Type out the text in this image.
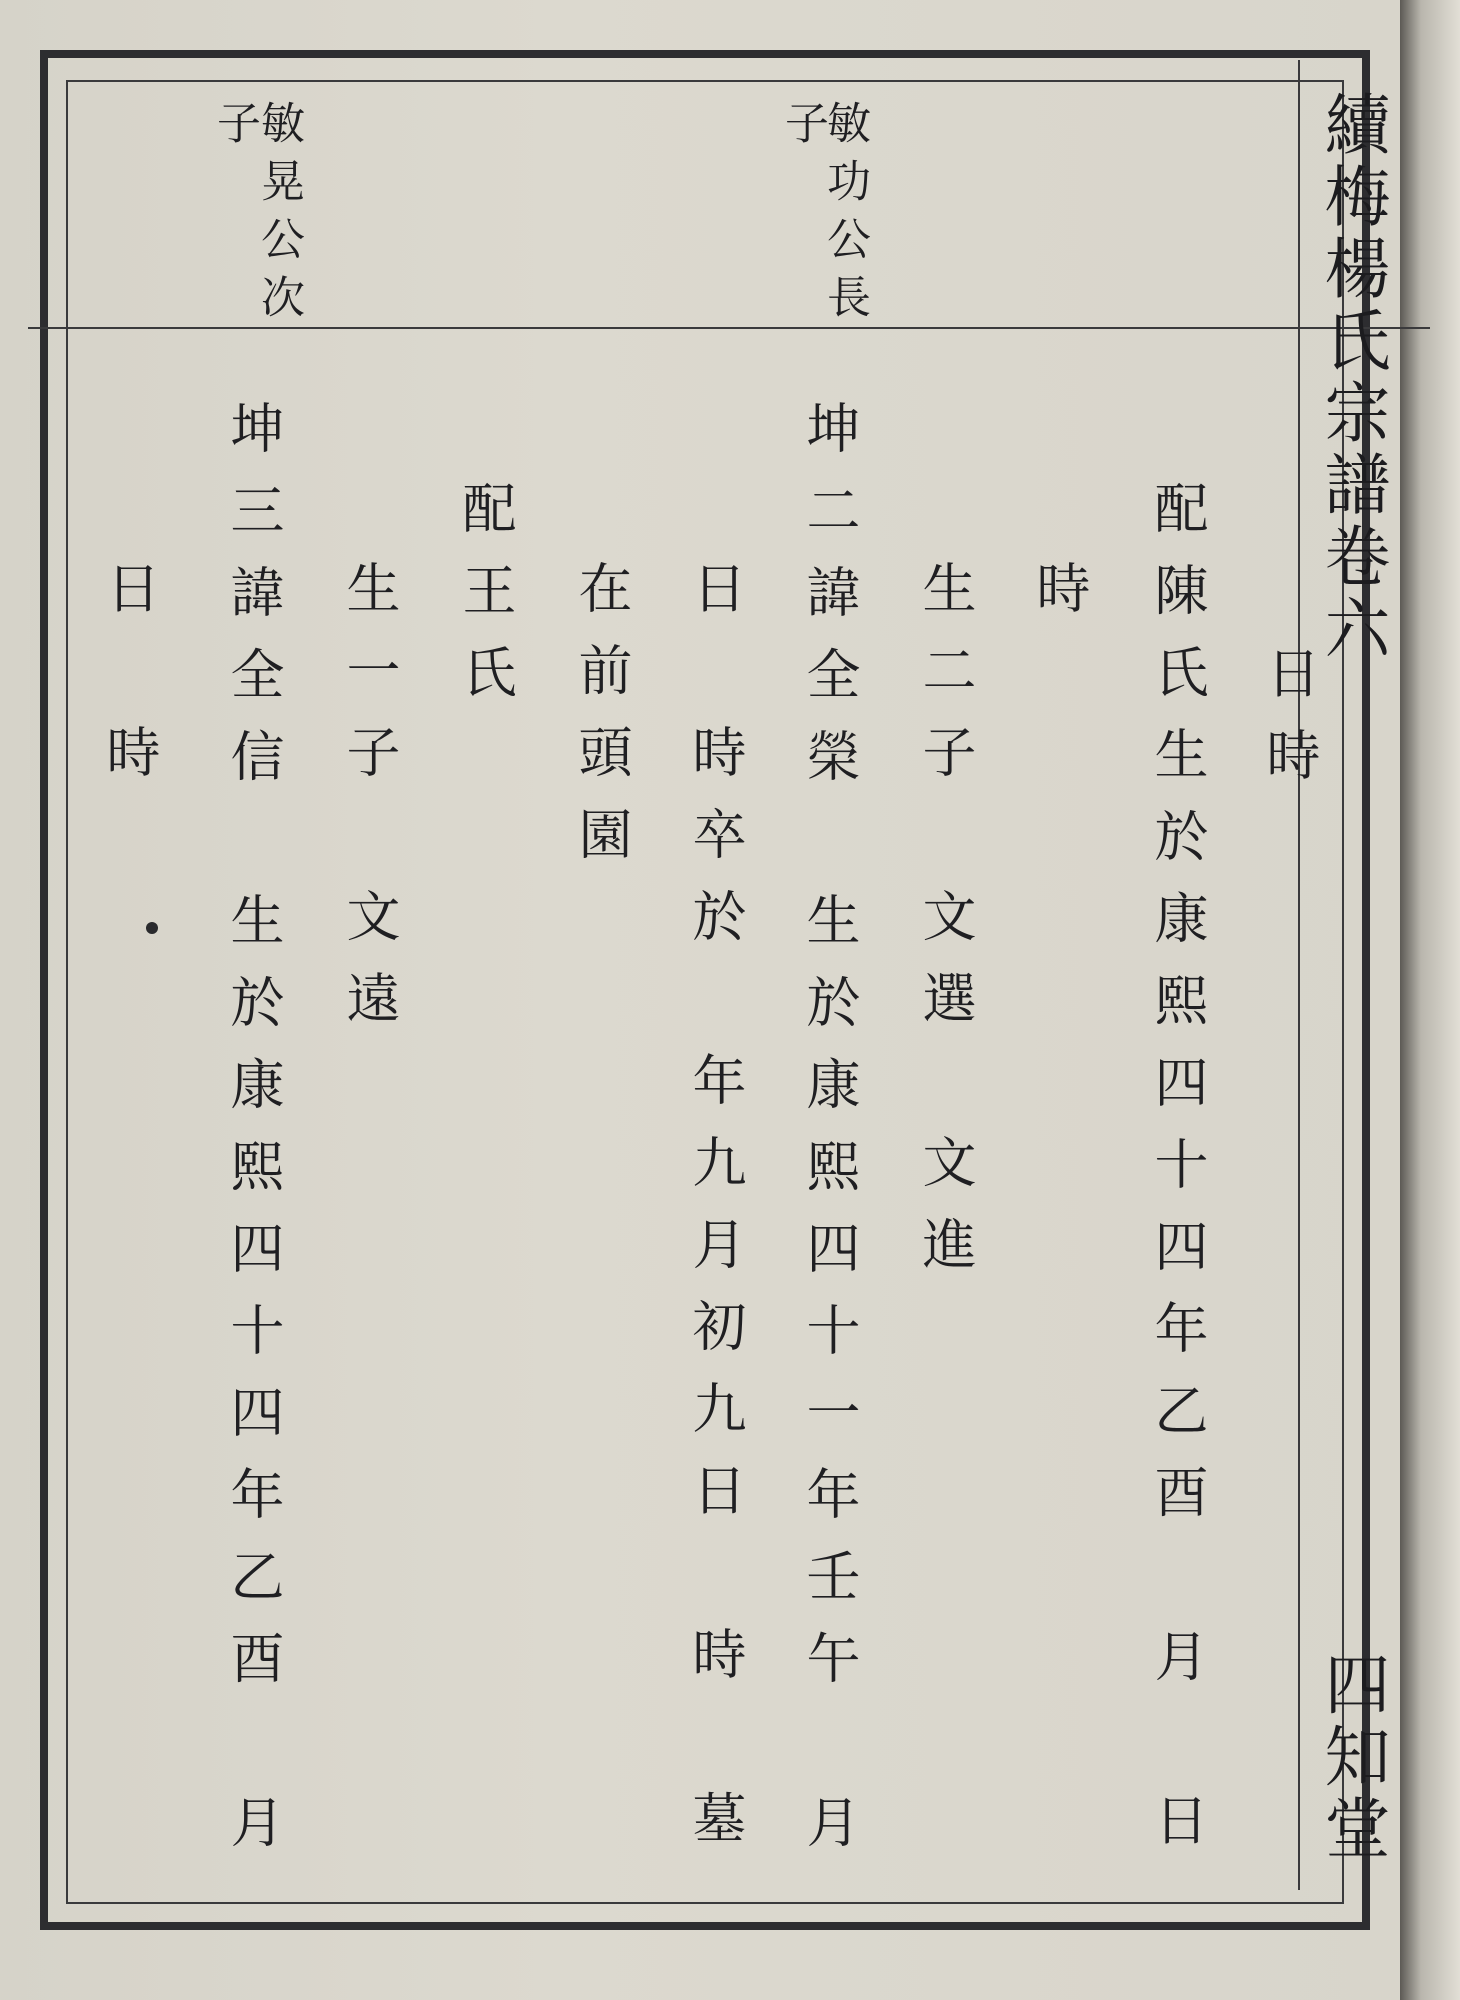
續梅楊氏宗譜卷六
四知堂
敏功公長
子
敏晃公次
子
日時
配陳氏生於康熙四十四年乙酉　月　日
時
生二子　文選　文進
坤二諱全榮　生於康熙四十一年壬午　月
日　時卒於　年九月初九日　時　墓
在前頭園
配王氏
生一子　文遠
坤三諱全信　生於康熙四十四年乙酉　月
日　時
